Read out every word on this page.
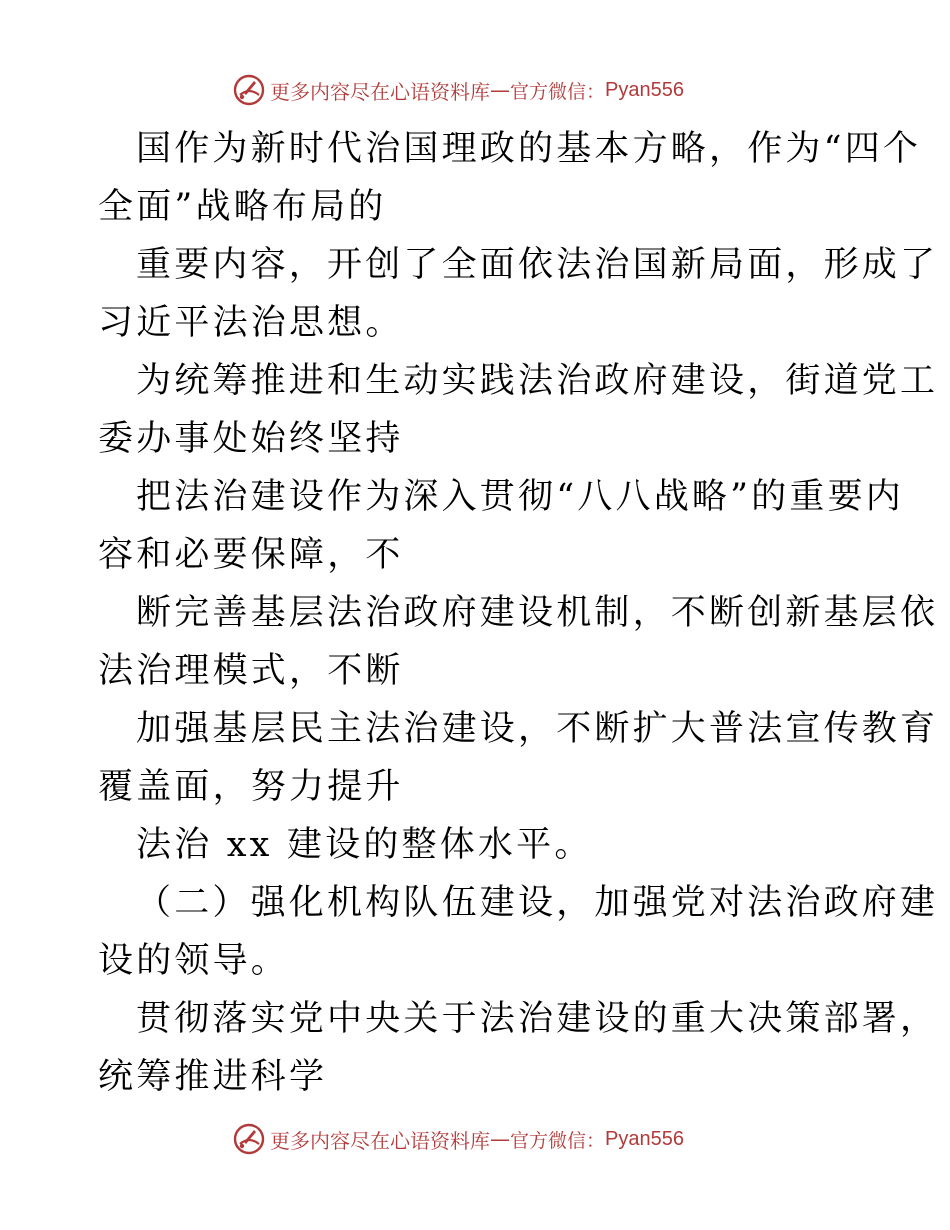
更多内容尽在心语资料库 — 官方微信： Pyan556
国作为新时代治国理政的基本方略，作为“四个
全面”战略布局的
重要内容，开创了全面依法治国新局面，形成了
习近平法治思想。
为统筹推进和生动实践法治政府建设，街道党工
委办事处始终坚持
把法治建设作为深入贯彻“八八战略”的重要内
容和必要保障，不
断完善基层法治政府建设机制，不断创新基层依
法治理模式，不断
加强基层民主法治建设，不断扩大普法宣传教育
覆盖面，努力提升
法治 xx 建设的整体水平。
（二）强化机构队伍建设，加强党对法治政府建
设的领导。
贯彻落实党中央关于法治建设的重大决策部署，
统筹推进科学
更多内容尽在心语资料库 — 官方微信： Pyan556
